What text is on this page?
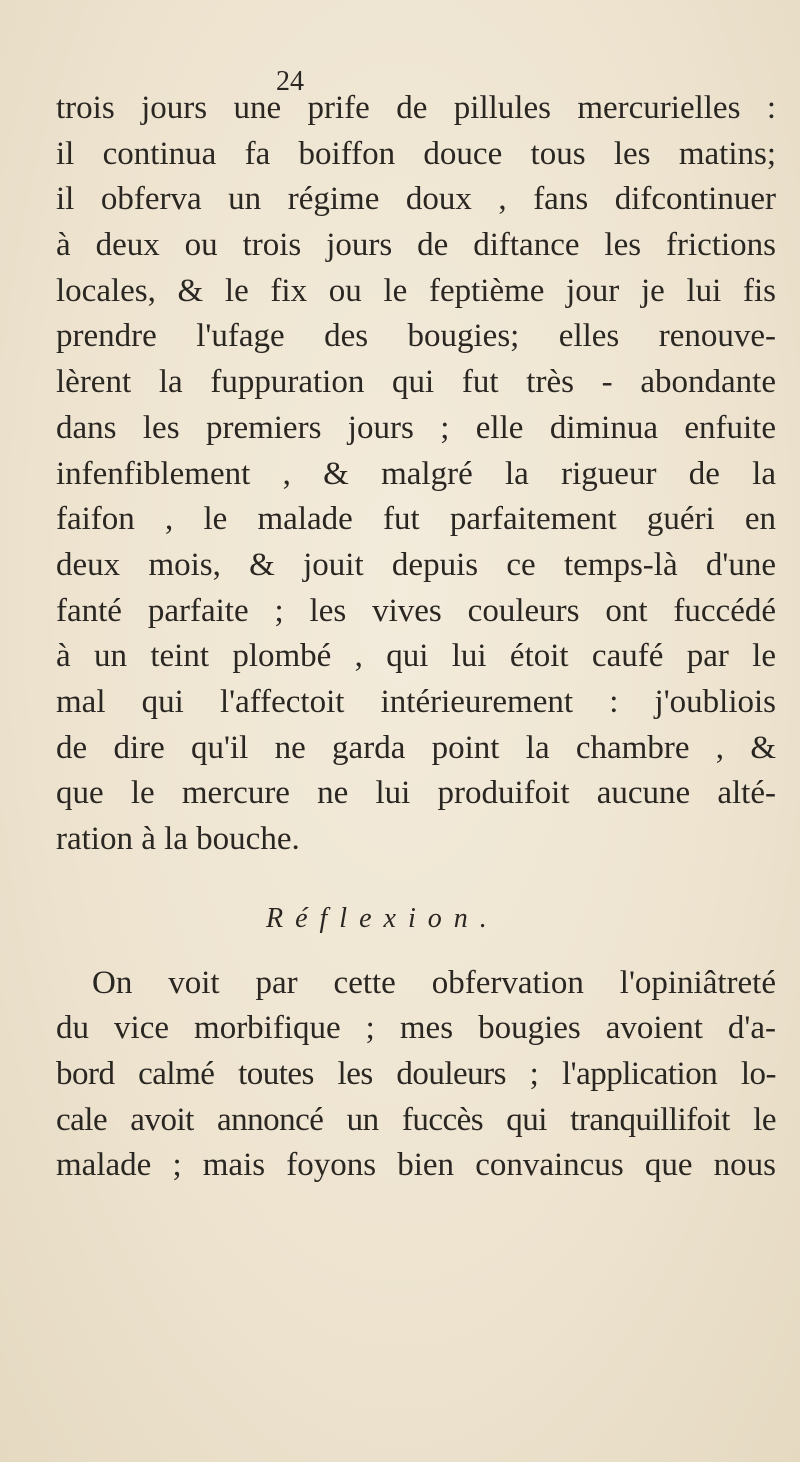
24
trois jours une prife de pillules mercurielles :
il continua fa boiffon douce tous les matins;
il obferva un régime doux , fans difcontinuer
à deux ou trois jours de diftance les frictions
locales, & le fix ou le feptième jour je lui fis
prendre l'ufage des bougies; elles renouve-
lèrent la fuppuration qui fut très - abondante
dans les premiers jours ; elle diminua enfuite
infenfiblement , & malgré la rigueur de la
faifon , le malade fut parfaitement guéri en
deux mois, & jouit depuis ce temps-là d'une
fanté parfaite ; les vives couleurs ont fuccédé
à un teint plombé , qui lui étoit caufé par le
mal qui l'affectoit intérieurement : j'oubliois
de dire qu'il ne garda point la chambre , &
que le mercure ne lui produifoit aucune alté-
ration à la bouche.
Réflexion.
On voit par cette obfervation l'opiniâtreté
du vice morbifique ; mes bougies avoient d'a-
bord calmé toutes les douleurs ; l'application lo-
cale avoit annoncé un fuccès qui tranquillifoit le
malade ; mais foyons bien convaincus que nous
